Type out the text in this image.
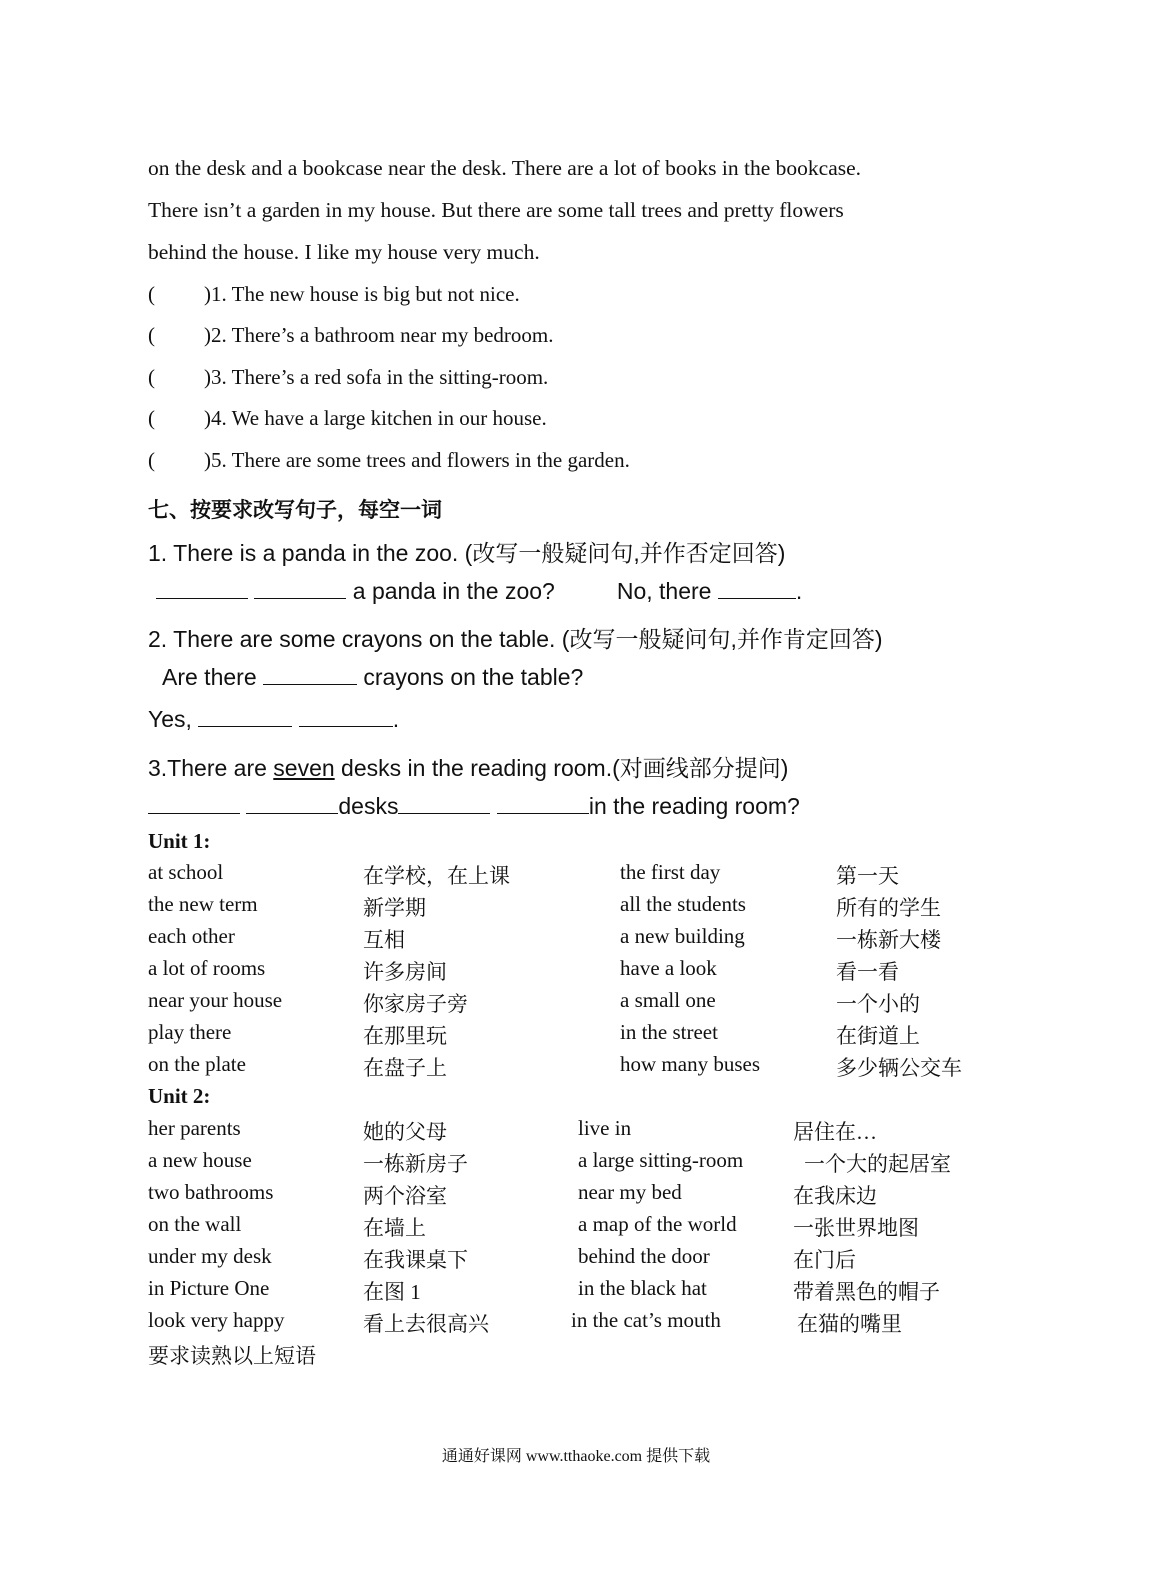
on the desk and a bookcase near the desk. There are a lot of books in the bookcase.
There isn’t a garden in my house. But there are some tall trees and pretty flowers
behind the house. I like my house very much.
( )1. The new house is big but not nice.
( )2. There’s a bathroom near my bedroom.
( )3. There’s a red sofa in the sitting-room.
( )4. We have a large kitchen in our house.
( )5. There are some trees and flowers in the garden.
七、按要求改写句子，每空一词
1. There is a panda in the zoo. (改写一般疑问句,并作否定回答)
a panda in the zoo?	No, there	.
2. There are some crayons on the table. (改写一般疑问句,并作肯定回答)
Are there	crayons on the table?
Yes,	.
3.There are seven desks in the reading room.(对画线部分提问)
desks	in the reading room?
Unit 1:
at school	在学校，在上课	the first day	第一天
the new term	新学期	all the students	所有的学生
each other	互相	a new building	一栋新大楼
a lot of rooms	许多房间	have a look	看一看
near your house	你家房子旁	a small one	一个小的
play there	在那里玩	in the street	在街道上
on the plate	在盘子上	how many buses	多少辆公交车
Unit 2:
her parents	她的父母	live in	居住在…
a new house	一栋新房子	a large sitting-room	一个大的起居室
two bathrooms	两个浴室	near my bed	在我床边
on the wall	在墙上	a map of the world	一张世界地图
under my desk	在我课桌下	behind the door	在门后
in Picture One	在图 1	in the black hat	带着黑色的帽子
look very happy	看上去很高兴	in the cat’s mouth	在猫的嘴里
要求读熟以上短语
通通好课网 www.tthaoke.com 提供下载
